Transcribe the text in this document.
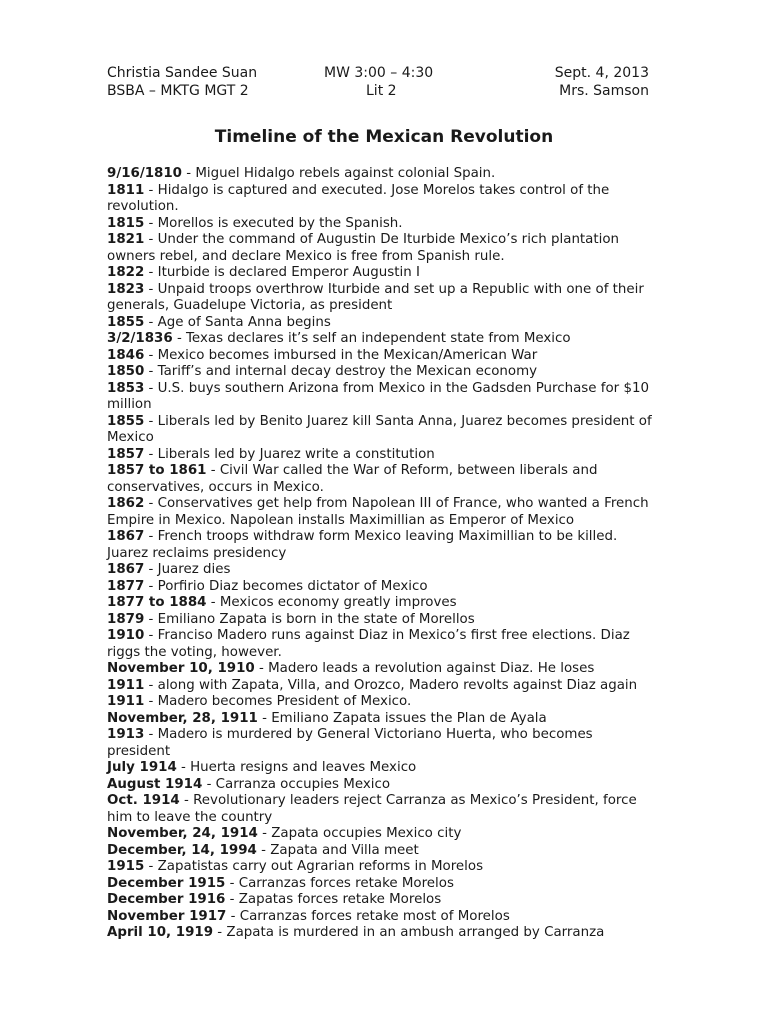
Christia Sandee Suan	MW 3:00 – 4:30	Sept. 4, 2013
BSBA – MKTG MGT 2	Lit 2	Mrs. Samson
Timeline of the Mexican Revolution
9/16/1810 - Miguel Hidalgo rebels against colonial Spain.
1811 - Hidalgo is captured and executed. Jose Morelos takes control of the revolution.
1815 - Morellos is executed by the Spanish.
1821 - Under the command of Augustin De Iturbide Mexico’s rich plantation owners rebel, and declare Mexico is free from Spanish rule.
1822 - Iturbide is declared Emperor Augustin I
1823 - Unpaid troops overthrow Iturbide and set up a Republic with one of their generals, Guadelupe Victoria, as president
1855 - Age of Santa Anna begins
3/2/1836 - Texas declares it’s self an independent state from Mexico
1846 - Mexico becomes imbursed in the Mexican/American War
1850 - Tariff’s and internal decay destroy the Mexican economy
1853 - U.S. buys southern Arizona from Mexico in the Gadsden Purchase for $10 million
1855 - Liberals led by Benito Juarez kill Santa Anna, Juarez becomes president of Mexico
1857 - Liberals led by Juarez write a constitution
1857 to 1861 - Civil War called the War of Reform, between liberals and conservatives, occurs in Mexico.
1862 - Conservatives get help from Napolean III of France, who wanted a French Empire in Mexico. Napolean installs Maximillian as Emperor of Mexico
1867 - French troops withdraw form Mexico leaving Maximillian to be killed. Juarez reclaims presidency
1867 - Juarez dies
1877 - Porfirio Diaz becomes dictator of Mexico
1877 to 1884 - Mexicos economy greatly improves
1879 - Emiliano Zapata is born in the state of Morellos
1910 - Franciso Madero runs against Diaz in Mexico’s first free elections. Diaz riggs the voting, however.
November 10, 1910 - Madero leads a revolution against Diaz. He loses
1911 - along with Zapata, Villa, and Orozco, Madero revolts against Diaz again
1911 - Madero becomes President of Mexico.
November, 28, 1911 - Emiliano Zapata issues the Plan de Ayala
1913 - Madero is murdered by General Victoriano Huerta, who becomes president
July 1914 - Huerta resigns and leaves Mexico
August 1914 - Carranza occupies Mexico
Oct. 1914 - Revolutionary leaders reject Carranza as Mexico’s President, force him to leave the country
November, 24, 1914 - Zapata occupies Mexico city
December, 14, 1994 - Zapata and Villa meet
1915 - Zapatistas carry out Agrarian reforms in Morelos
December 1915 - Carranzas forces retake Morelos
December 1916 - Zapatas forces retake Morelos
November 1917 - Carranzas forces retake most of Morelos
April 10, 1919 - Zapata is murdered in an ambush arranged by Carranza
